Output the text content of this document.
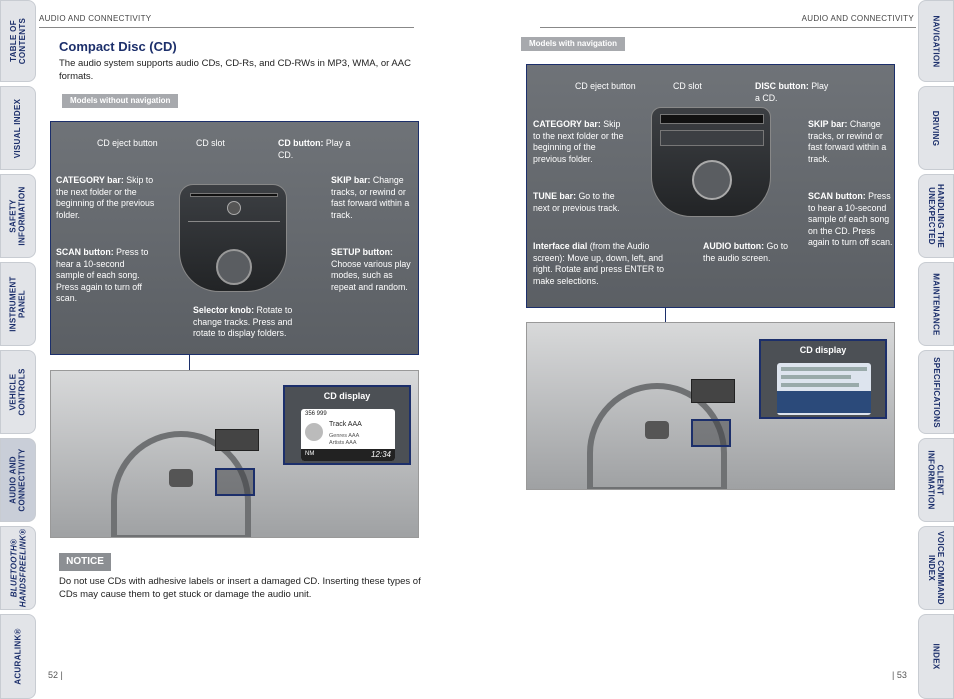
TABLE OF
CONTENTS
VISUAL INDEX
SAFETY
INFORMATION
INSTRUMENT
PANEL
VEHICLE
CONTROLS
AUDIO AND
CONNECTIVITY
BLUETOOTH®
HANDSFREELINK®
ACURALINK®
NAVIGATION
DRIVING
HANDLING THE
UNEXPECTED
MAINTENANCE
SPECIFICATIONS
CLIENT
INFORMATION
VOICE COMMAND
INDEX
INDEX
AUDIO AND CONNECTIVITY	AUDIO AND CONNECTIVITY
52 |	| 53
Compact Disc (CD)
The audio system supports audio CDs, CD-Rs, and CD-RWs in MP3, WMA, or AAC formats.
Models without navigation
CD eject button	CD slot	CD button: Play a CD.
CATEGORY bar: Skip to the next folder or the beginning of the previous folder.
SKIP bar: Change tracks, or rewind or fast forward within a track.
SCAN button: Press to hear a 10-second sample of each song. Press again to turn off scan.
SETUP button: Choose various play modes, such as repeat and random.
Selector knob: Rotate to change tracks. Press and rotate to display folders.
CD display
356 999
Track AAA
Genres AAA
Artists AAA
NM	12:34
NOTICE
Do not use CDs with adhesive labels or insert a damaged CD. Inserting these types of CDs may cause them to get stuck or damage the audio unit.
Models with navigation
CD eject button	CD slot	DISC button: Play a CD.
CATEGORY bar: Skip to the next folder or the beginning of the previous folder.
SKIP bar: Change tracks, or rewind or fast forward within a track.
TUNE bar: Go to the next or previous track.
SCAN button: Press to hear a 10-second sample of each song on the CD. Press again to turn off scan.
Interface dial (from the Audio screen): Move up, down, left, and right. Rotate and press ENTER to make selections.
AUDIO button: Go to the audio screen.
CD display
